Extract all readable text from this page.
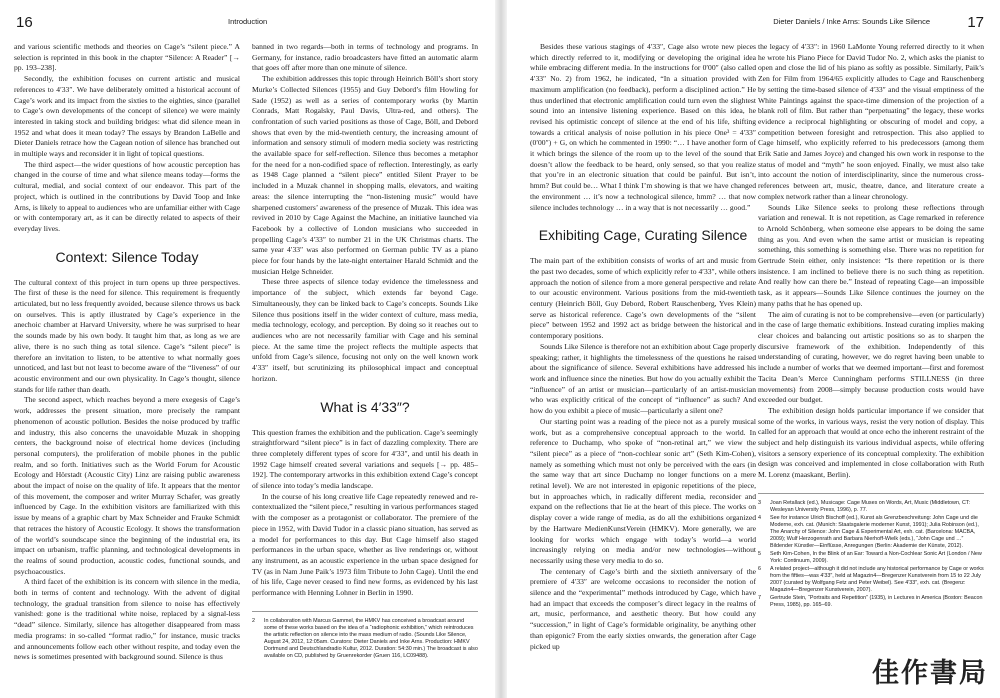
16	Introduction

and various scientific methods and theories on Cage’s “silent piece.” A selection is reprinted in this book in the chapter “Silence: A Reader” [→ pp. 193–238].

Secondly, the exhibition focuses on current artistic and musical references to 4′33″. We have deliberately omitted a historical account of Cage’s work and its impact from the sixties to the eighties, since (parallel to Cage’s own developments of the concept of silence) we were mainly interested in taking stock and building bridges: what did silence mean in 1952 and what does it mean today? The essays by Brandon LaBelle and Dieter Daniels retrace how the Cagean notion of silence has branched out in multiple ways and reconsider it in light of topical questions.

The third aspect—the wider questions of how acoustic perception has changed in the course of time and what silence means today—forms the cultural, medial, and social context of our endeavor. This part of the project, which is outlined in the contributions by David Toop and Inke Arns, is likely to appeal to audiences who are unfamiliar either with Cage or with contemporary art, as it can be directly related to aspects of their everyday lives.

Context: Silence Today

The cultural context of this project in turn opens up three perspectives. The first of these is the need for silence. This requirement is frequently articulated, but no less frequently avoided, because silence throws us back on ourselves. This is aptly illustrated by Cage’s experience in the anechoic chamber at Harvard University, where he was surprised to hear the sounds made by his own body. It taught him that, as long as we are alive, there is no such thing as total silence. Cage’s “silent piece” is therefore an invitation to listen, to be attentive to what normally goes unnoticed, and last but not least to become aware of the “liveness” of our acoustic environment and our own physicality. In Cage’s thought, silence stands for life rather than death.

The second aspect, which reaches beyond a mere exegesis of Cage’s work, addresses the present situation, more precisely the rampant phenomenon of acoustic pollution. Besides the noise produced by traffic and industry, this also concerns the unavoidable Muzak in shopping centers, the background noise of electrical home devices (including personal computers), the proliferation of mobile phones in the public realm, and so forth. Initiatives such as the World Forum for Acoustic Ecology and Hörstadt (Acoustic City) Linz are raising public awareness about the impact of noise on the quality of life. It appears that the mentor of this movement, the composer and writer Murray Schafer, was greatly influenced by Cage. In the exhibition visitors are familiarized with this issue by means of a graphic chart by Max Schneider and Frauke Schmidt that retraces the history of Acoustic Ecology. It shows the transformation of the world’s soundscape since the beginning of the industrial era, its impact on urbanism, traffic planning, and technological developments in the realms of sound production, acoustic codes, functional sounds, and psychoacoustics.

A third facet of the exhibition is its concern with silence in the media, both in terms of content and technology. With the advent of digital technology, the gradual transition from silence to noise has effectively vanished: gone is the traditional white noise, replaced by a signal-less “dead” silence. Similarly, silence has altogether disappeared from mass media programs: in so-called “format radio,” for instance, music tracks and announcements follow each other without respite, and today even the news is sometimes presented with background sound. Silence is thus

banned in two regards—both in terms of technology and programs. In Germany, for instance, radio broadcasters have fitted an automatic alarm that goes off after more than one minute of silence.

The exhibition addresses this topic through Heinrich Böll’s short story Murke’s Collected Silences (1955) and Guy Debord’s film Howling for Sade (1952) as well as a series of contemporary works (by Martin Conrads, Matt Rogalsky, Paul Davis, Ultra-red, and others). The confrontation of such varied positions as those of Cage, Böll, and Debord shows that even by the mid-twentieth century, the increasing amount of information and sensory stimuli of modern media society was restricting the available space for self-reflection. Silence thus becomes a metaphor for the need for a non-codified space of reflection. Interestingly, as early as 1948 Cage planned a “silent piece” entitled Silent Prayer to be included in a Muzak channel in shopping malls, elevators, and waiting areas: the silence interrupting the “non-listening music” would have sharpened customers’ awareness of the presence of Muzak. This idea was revived in 2010 by Cage Against the Machine, an initiative launched via Facebook by a collective of London musicians who succeeded in propelling Cage’s 4′33″ to number 21 in the UK Christmas charts. The same year 4′33″ was also performed on German public TV as a piano piece for four hands by the late-night entertainer Harald Schmidt and the musician Helge Schneider.

These three aspects of silence today evidence the timelessness and importance of the subject, which extends far beyond Cage. Simultaneously, they can be linked back to Cage’s concepts. Sounds Like Silence thus positions itself in the wider context of culture, mass media, media technology, ecology, and perception. By doing so it reaches out to audiences who are not necessarily familiar with Cage and his seminal piece. At the same time the project reflects the multiple aspects that unfold from Cage’s silence, focusing not only on the well known work 4′33″ itself, but scrutinizing its philosophical impact and conceptual horizon.

What is 4′33″?

This question frames the exhibition and the publication. Cage’s seemingly straightforward “silent piece” is in fact of dazzling complexity. There are three completely different types of score for 4′33″, and until his death in 1992 Cage himself created several variations and sequels [→ pp. 485–192]. The contemporary artworks in this exhibition extend Cage’s concept of silence into today’s media landscape.

In the course of his long creative life Cage repeatedly renewed and re-contextualized the “silent piece,” resulting in various performances staged with the composer as a protagonist or collaborator. The premiere of the piece in 1952, with David Tudor in a classic piano situation, has served as a model for performances to this day. But Cage himself also staged performances in the urban space, whether as live renderings or, without any instrument, as an acoustic experience in the urban space designed for TV (as in Nam June Paik’s 1973 film Tribute to John Cage). Until the end of his life, Cage never ceased to find new forms, as evidenced by his last performance with Henning Lohner in Berlin in 1990.

2	In collaboration with Marcus Gammel, the HMKV has conceived a broadcast around some of these works based on the idea of a “radiophonic exhibition,” which reintroduces the artistic reflection on silence into the mass medium of radio. (Sounds Like Silence, August 24, 2012, 12:05am. Curators: Dieter Daniels and Inke Arns. Production: HMKV Dortmund and Deutschlandradio Kultur, 2012. Duration: 54:30 min.) The broadcast is also available on CD, published by Gruenrekorder (Gruen 116, LC09488).
Dieter Daniels / Inke Arns: Sounds Like Silence 17

Besides these various stagings of 4′33″, Cage also wrote new pieces which directly referred to it, modifying or developing the original idea while embracing different media. In the instructions for 0′00″ (also called 4′33″ No. 2) from 1962, he indicated, “In a situation provided with maximum amplification (no feedback), perform a disciplined action.” He thus underlined that electronic amplification could turn even the slightest sound into an intensive listening experience. Based on this idea, he revised his optimistic concept of silence at the end of his life, shifting towards a critical analysis of noise pollution in his piece One³ = 4′33″ (0′00″) + G, on which he commented in 1990: “… I have another form of it which brings the silence of the room up to the level of the sound that doesn’t allow the feedback to be heard, only sensed, so that you realize that you’re in an electronic situation that could be painful. But isn’t, hmm? But could be… What I think I’m showing is that we have changed the environment … it’s now a technological silence, hmm? … that now silence includes technology … in a way that is not necessarily … good.”

Exhibiting Cage, Curating Silence

The main part of the exhibition consists of works of art and music from the past two decades, some of which explicitly refer to 4′33″, while others approach the notion of silence from a more general perspective and relate to our acoustic environment. Various positions from the mid-twentieth century (Heinrich Böll, Guy Debord, Robert Rauschenberg, Yves Klein) serve as historical reference. Cage’s own developments of the “silent piece” between 1952 and 1992 act as bridge between the historical and contemporary positions.

Sounds Like Silence is therefore not an exhibition about Cage properly speaking; rather, it highlights the timelessness of the questions he raised about the significance of silence. Several exhibitions have addressed his work and influence since the nineties. But how do you actually exhibit the “influence” of an artist or musician—particularly of an artist-musician who was explicitly critical of the concept of “influence” as such? And how do you exhibit a piece of music—particularly a silent one?

Our starting point was a reading of the piece not as a purely musical work, but as a comprehensive conceptual approach to the world. In reference to Duchamp, who spoke of “non-retinal art,” we view the “silent piece” as a piece of “non-cochlear sonic art” (Seth Kim-Cohen), namely as something which must not only be perceived with the ears (in the same way that art since Duchamp no longer functions on a mere retinal level). We are not interested in epigonic repetitions of the piece, but in approaches which, in radically different media, reconsider and expand on the reflections that lie at the heart of this piece. The works on display cover a wide range of media, as do all the exhibitions organized by the Hartware MedienKunstVerein (HMKV). More generally, we are looking for works which engage with today’s world—a world increasingly relying on media and/or new technologies—without necessarily using these very media to do so.

The centenary of Cage’s birth and the sixtieth anniversary of the premiere of 4′33″ are welcome occasions to reconsider the notion of silence and the “experimental” methods introduced by Cage, which have had an impact that exceeds the composer’s direct legacy in the realms of art, music, performance, and aesthetic theory. But how could any “succession,” in light of Cage’s formidable originality, be anything other than epigonic? From the early sixties onwards, the generation after Cage picked up

the legacy of 4′33″: in 1960 LaMonte Young referred directly to it when he wrote his Piano Piece for David Tudor No. 2, which asks the pianist to open and close the lid of his piano as softly as possible. Similarly, Paik’s Zen for Film from 1964/65 explicitly alludes to Cage and Rauschenberg by setting the time-based silence of 4′33″ and the visual emptiness of the White Paintings against the space-time dimension of the projection of a blank roll of film. But rather than “perpetuating” the legacy, these works evidence a reciprocal highlighting or obscuring of model and copy, a competition between foresight and retrospection. This also applied to Cage himself, who explicitly referred to his predecessors (among them Erik Satie and James Joyce) and changed his own work in response to the status of model and “myth” he soon enjoyed. Finally, we must also take into account the notion of interdisciplinarity, since the numerous cross-references between art, music, theatre, dance, and literature create a complex network rather than a linear chronology.

Sounds Like Silence seeks to prolong these reflections through variation and renewal. It is not repetition, as Cage remarked in reference to Arnold Schönberg, when someone else appears to be doing the same thing as you. And even when the same artist or musician is repeating something, this something is something else. There was no repetition for Gertrude Stein either, only insistence: “Is there repetition or is there insistence. I am inclined to believe there is no such thing as repetition. And really how can there be.” Instead of repeating Cage—an impossible task, as it appears—Sounds Like Silence continues the journey on the many paths that he has opened up.

The aim of curating is not to be comprehensive—even (or particularly) in the case of large thematic exhibitions. Instead curating implies making clear choices and balancing out artistic positions so as to sharpen the discursive framework of the exhibition. Independently of this understanding of curating, however, we do regret having been unable to include a number of works that we deemed important—first and foremost Tacita Dean’s Merce Cunningham performs STILLNESS (in three movements) from 2008—simply because production costs would have exceeded our budget.

The exhibition design holds particular importance if we consider that some of the works, in various ways, resist the very notion of display. This called for an approach that would at once echo the inherent restraint of the subject and help distinguish its various individual aspects, while offering visitors a sensory experience of its conceptual complexity. The exhibition design was conceived and implemented in close collaboration with Ruth M. Lorenz (maaskant, Berlin).

3	Joan Retallack (ed.), Musicage: Cage Muses on Words, Art, Music (Middletown, CT: Wesleyan University Press, 1996), p. 77.
4	See for instance Ulrich Bischoff (ed.), Kunst als Grenzbeschreitung: John Cage und die Moderne, exh. cat. (Munich: Staatsgalerie moderner Kunst, 1991); Julia Robinson (ed.), The Anarchy of Silence: John Cage & Experimental Art, exh. cat. (Barcelona: MACBA, 2009); Wulf Herzogenrath and Barbara Nierhoff-Wielk (eds.), “John Cage und …” Bildender Künstler—Einflüsse, Anregungen (Berlin: Akademie der Künste, 2012).
5	Seth Kim-Cohen, In the Blink of an Ear: Toward a Non-Cochlear Sonic Art (London / New York: Continuum, 2009).
6	A related project—although it did not include any historical performance by Cage or works from the fifties—was 4′33″, held at Magazin4—Bregenzer Kunstverein from 15 to 22 July 2007 (curated by Wolfgang Fetz and Peter Weibel). See 4′33″, exh. cat. (Bregenz: Magazin4—Bregenzer Kunstverein, 2007).
7	Gertrude Stein, “Portraits and Repetition” (1935), in Lectures in America (Boston: Beacon Press, 1985), pp. 165–69.
佳作書局
